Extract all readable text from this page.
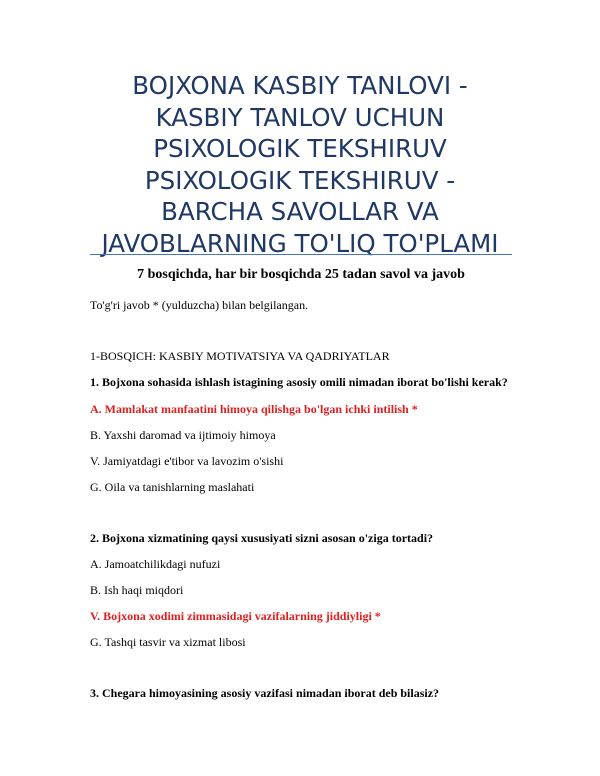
BOJXONA KASBIY TANLOVI -
KASBIY TANLOV UCHUN
PSIXOLOGIK TEKSHIRUV
PSIXOLOGIK TEKSHIRUV -
BARCHA SAVOLLAR VA
JAVOBLARNING TO'LIQ TO'PLAMI
7 bosqichda, har bir bosqichda 25 tadan savol va javob
To'g'ri javob * (yulduzcha) bilan belgilangan.
1-BOSQICH: KASBIY MOTIVATSIYA VA QADRIYATLAR
1. Bojxona sohasida ishlash istagining asosiy omili nimadan iborat bo'lishi kerak?
A. Mamlakat manfaatini himoya qilishga bo'lgan ichki intilish *
B. Yaxshi daromad va ijtimoiy himoya
V. Jamiyatdagi e'tibor va lavozim o'sishi
G. Oila va tanishlarning maslahati
2. Bojxona xizmatining qaysi xususiyati sizni asosan o'ziga tortadi?
A. Jamoatchilikdagi nufuzi
B. Ish haqi miqdori
V. Bojxona xodimi zimmasidagi vazifalarning jiddiyligi *
G. Tashqi tasvir va xizmat libosi
3. Chegara himoyasining asosiy vazifasi nimadan iborat deb bilasiz?
